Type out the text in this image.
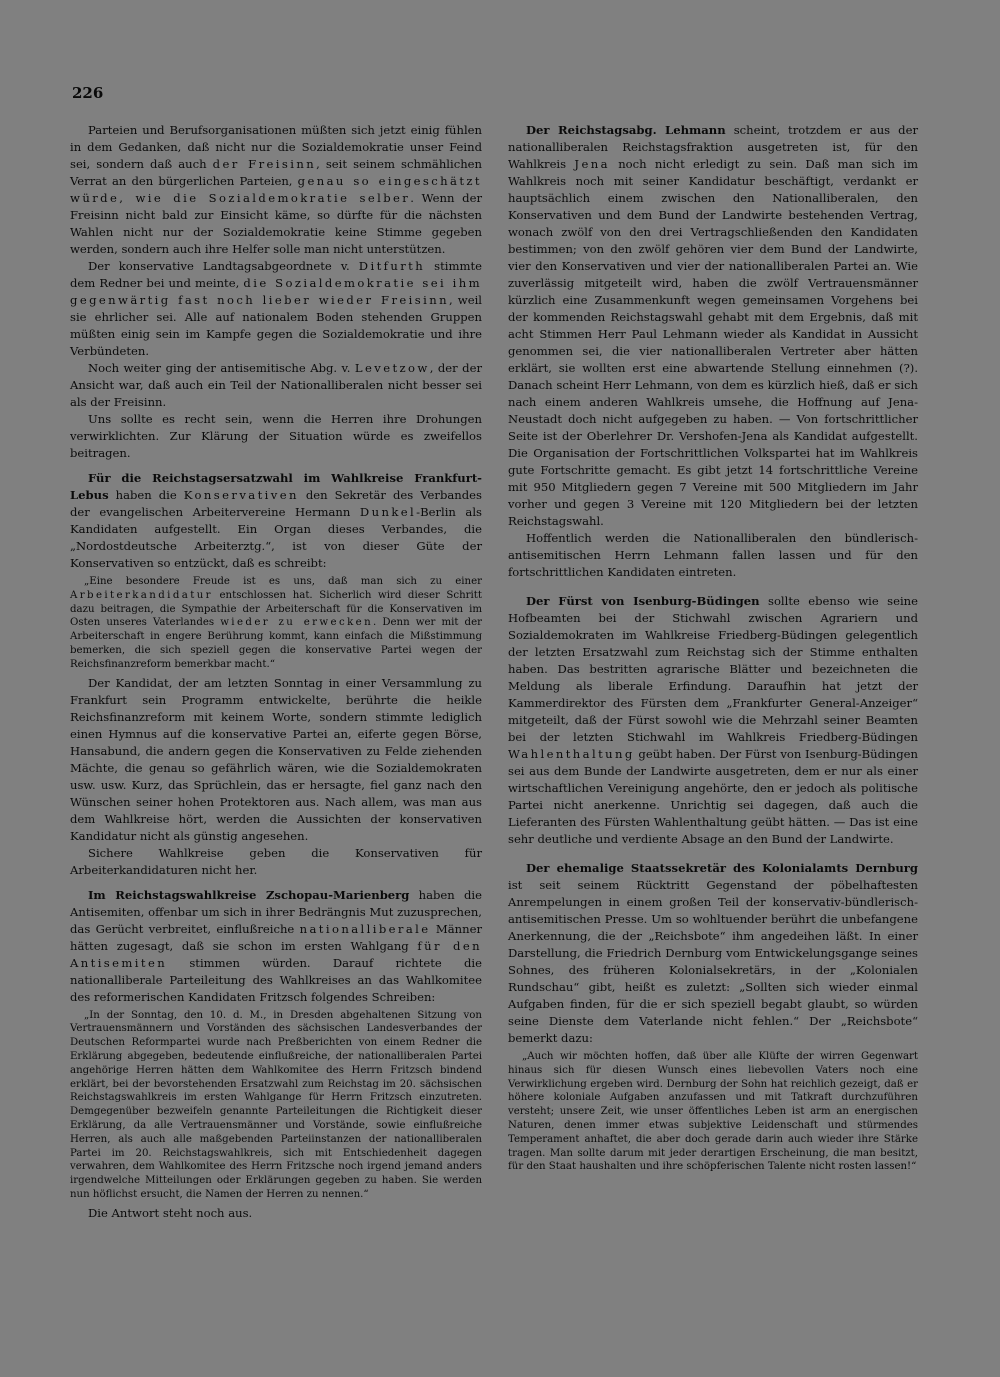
226

Parteien und Berufsorganisationen müßten sich jetzt einig fühlen in dem Gedanken, daß nicht nur die Sozialdemokratie unser Feind sei, sondern daß auch der Freisinn, seit seinem schmählichen Verrat an den bürgerlichen Parteien, genau so eingeschätzt würde, wie die Sozialdemokratie selber. Wenn der Freisinn nicht bald zur Einsicht käme, so dürfte für die nächsten Wahlen nicht nur der Sozialdemokratie keine Stimme gegeben werden, sondern auch ihre Helfer solle man nicht unterstützen.

Der konservative Landtagsabgeordnete v. Ditfurth stimmte dem Redner bei und meinte, die Sozialdemokratie sei ihm gegenwärtig fast noch lieber wieder Freisinn, weil sie ehrlicher sei. Alle auf nationalem Boden stehenden Gruppen müßten einig sein im Kampfe gegen die Sozialdemokratie und ihre Verbündeten.

Noch weiter ging der antisemitische Abg. v. Levetzow, der der Ansicht war, daß auch ein Teil der Nationalliberalen nicht besser sei als der Freisinn.

Uns sollte es recht sein, wenn die Herren ihre Drohungen verwirklichten. Zur Klärung der Situation würde es zweifellos beitragen.

Für die Reichstagsersatzwahl im Wahlkreise Frankfurt-Lebus haben die Konservativen den Sekretär des Verbandes der evangelischen Arbeitervereine Hermann Dunkel-Berlin als Kandidaten aufgestellt. Ein Organ dieses Verbandes, die „Nordostdeutsche Arbeiterztg.“, ist von dieser Güte der Konservativen so entzückt, daß es schreibt:

„Eine besondere Freude ist es uns, daß man sich zu einer Arbeiterkandidatur entschlossen hat. Sicherlich wird dieser Schritt dazu beitragen, die Sympathie der Arbeiterschaft für die Konservativen im Osten unseres Vaterlandes wieder zu erwecken. Denn wer mit der Arbeiterschaft in engere Berührung kommt, kann einfach die Mißstimmung bemerken, die sich speziell gegen die konservative Partei wegen der Reichsfinanzreform bemerkbar macht.“

Der Kandidat, der am letzten Sonntag in einer Versammlung zu Frankfurt sein Programm entwickelte, berührte die heikle Reichsfinanzreform mit keinem Worte, sondern stimmte lediglich einen Hymnus auf die konservative Partei an, eiferte gegen Börse, Hansabund, die andern gegen die Konservativen zu Felde ziehenden Mächte, die genau so gefährlich wären, wie die Sozialdemokraten usw. usw. Kurz, das Sprüchlein, das er hersagte, fiel ganz nach den Wünschen seiner hohen Protektoren aus. Nach allem, was man aus dem Wahlkreise hört, werden die Aussichten der konservativen Kandidatur nicht als günstig angesehen.

Sichere Wahlkreise geben die Konservativen für Arbeiterkandidaturen nicht her.

Im Reichstagswahlkreise Zschopau-Marienberg haben die Antisemiten, offenbar um sich in ihrer Bedrängnis Mut zuzusprechen, das Gerücht verbreitet, einflußreiche nationalliberale Männer hätten zugesagt, daß sie schon im ersten Wahlgang für den Antisemiten stimmen würden. Darauf richtete die nationalliberale Parteileitung des Wahlkreises an das Wahlkomitee des reformerischen Kandidaten Fritzsch folgendes Schreiben:

„In der Sonntag, den 10. d. M., in Dresden abgehaltenen Sitzung von Vertrauensmännern und Vorständen des sächsischen Landesverbandes der Deutschen Reformpartei wurde nach Preßberichten von einem Redner die Erklärung abgegeben, bedeutende einflußreiche, der nationalliberalen Partei angehörige Herren hätten dem Wahlkomitee des Herrn Fritzsch bindend erklärt, bei der bevorstehenden Ersatzwahl zum Reichstag im 20. sächsischen Reichstagswahlkreis im ersten Wahlgange für Herrn Fritzsch einzutreten. Demgegenüber bezweifeln genannte Parteileitungen die Richtigkeit dieser Erklärung, da alle Vertrauensmänner und Vorstände, sowie einflußreiche Herren, als auch alle maßgebenden Parteiinstanzen der nationalliberalen Partei im 20. Reichstagswahlkreis, sich mit Entschiedenheit dagegen verwahren, dem Wahlkomitee des Herrn Fritzsche noch irgend jemand anders irgendwelche Mitteilungen oder Erklärungen gegeben zu haben. Sie werden nun höflichst ersucht, die Namen der Herren zu nennen.“

Die Antwort steht noch aus.

Der Reichstagsabg. Lehmann scheint, trotzdem er aus der nationalliberalen Reichstagsfraktion ausgetreten ist, für den Wahlkreis Jena noch nicht erledigt zu sein. Daß man sich im Wahlkreis noch mit seiner Kandidatur beschäftigt, verdankt er hauptsächlich einem zwischen den Nationalliberalen, den Konservativen und dem Bund der Landwirte bestehenden Vertrag, wonach zwölf von den drei Vertragschließenden den Kandidaten bestimmen; von den zwölf gehören vier dem Bund der Landwirte, vier den Konservativen und vier der nationalliberalen Partei an. Wie zuverlässig mitgeteilt wird, haben die zwölf Vertrauensmänner kürzlich eine Zusammenkunft wegen gemeinsamen Vorgehens bei der kommenden Reichstagswahl gehabt mit dem Ergebnis, daß mit acht Stimmen Herr Paul Lehmann wieder als Kandidat in Aussicht genommen sei, die vier nationalliberalen Vertreter aber hätten erklärt, sie wollten erst eine abwartende Stellung einnehmen (?). Danach scheint Herr Lehmann, von dem es kürzlich hieß, daß er sich nach einem anderen Wahlkreis umsehe, die Hoffnung auf Jena-Neustadt doch nicht aufgegeben zu haben. — Von fortschrittlicher Seite ist der Oberlehrer Dr. Vershofen-Jena als Kandidat aufgestellt. Die Organisation der Fortschrittlichen Volkspartei hat im Wahlkreis gute Fortschritte gemacht. Es gibt jetzt 14 fortschrittliche Vereine mit 950 Mitgliedern gegen 7 Vereine mit 500 Mitgliedern im Jahr vorher und gegen 3 Vereine mit 120 Mitgliedern bei der letzten Reichstagswahl.

Hoffentlich werden die Nationalliberalen den bündlerisch-antisemitischen Herrn Lehmann fallen lassen und für den fortschrittlichen Kandidaten eintreten.

Der Fürst von Isenburg-Büdingen sollte ebenso wie seine Hofbeamten bei der Stichwahl zwischen Agrariern und Sozialdemokraten im Wahlkreise Friedberg-Büdingen gelegentlich der letzten Ersatzwahl zum Reichstag sich der Stimme enthalten haben. Das bestritten agrarische Blätter und bezeichneten die Meldung als liberale Erfindung. Daraufhin hat jetzt der Kammerdirektor des Fürsten dem „Frankfurter General-Anzeiger“ mitgeteilt, daß der Fürst sowohl wie die Mehrzahl seiner Beamten bei der letzten Stichwahl im Wahlkreis Friedberg-Büdingen Wahlenthaltung geübt haben. Der Fürst von Isenburg-Büdingen sei aus dem Bunde der Landwirte ausgetreten, dem er nur als einer wirtschaftlichen Vereinigung angehörte, den er jedoch als politische Partei nicht anerkenne. Unrichtig sei dagegen, daß auch die Lieferanten des Fürsten Wahlenthaltung geübt hätten. — Das ist eine sehr deutliche und verdiente Absage an den Bund der Landwirte.

Der ehemalige Staatssekretär des Kolonialamts Dernburg ist seit seinem Rücktritt Gegenstand der pöbelhaftesten Anrempelungen in einem großen Teil der konservativ-bündlerisch-antisemitischen Presse. Um so wohltuender berührt die unbefangene Anerkennung, die der „Reichsbote“ ihm angedeihen läßt. In einer Darstellung, die Friedrich Dernburg vom Entwickelungsgange seines Sohnes, des früheren Kolonialsekretärs, in der „Kolonialen Rundschau“ gibt, heißt es zuletzt: „Sollten sich wieder einmal Aufgaben finden, für die er sich speziell begabt glaubt, so würden seine Dienste dem Vaterlande nicht fehlen.“ Der „Reichsbote“ bemerkt dazu:

„Auch wir möchten hoffen, daß über alle Klüfte der wirren Gegenwart hinaus sich für diesen Wunsch eines liebevollen Vaters noch eine Verwirklichung ergeben wird. Dernburg der Sohn hat reichlich gezeigt, daß er höhere koloniale Aufgaben anzufassen und mit Tatkraft durchzuführen versteht; unsere Zeit, wie unser öffentliches Leben ist arm an energischen Naturen, denen immer etwas subjektive Leidenschaft und stürmendes Temperament anhaftet, die aber doch gerade darin auch wieder ihre Stärke tragen. Man sollte darum mit jeder derartigen Erscheinung, die man besitzt, für den Staat haushalten und ihre schöpferischen Talente nicht rosten lassen!“
